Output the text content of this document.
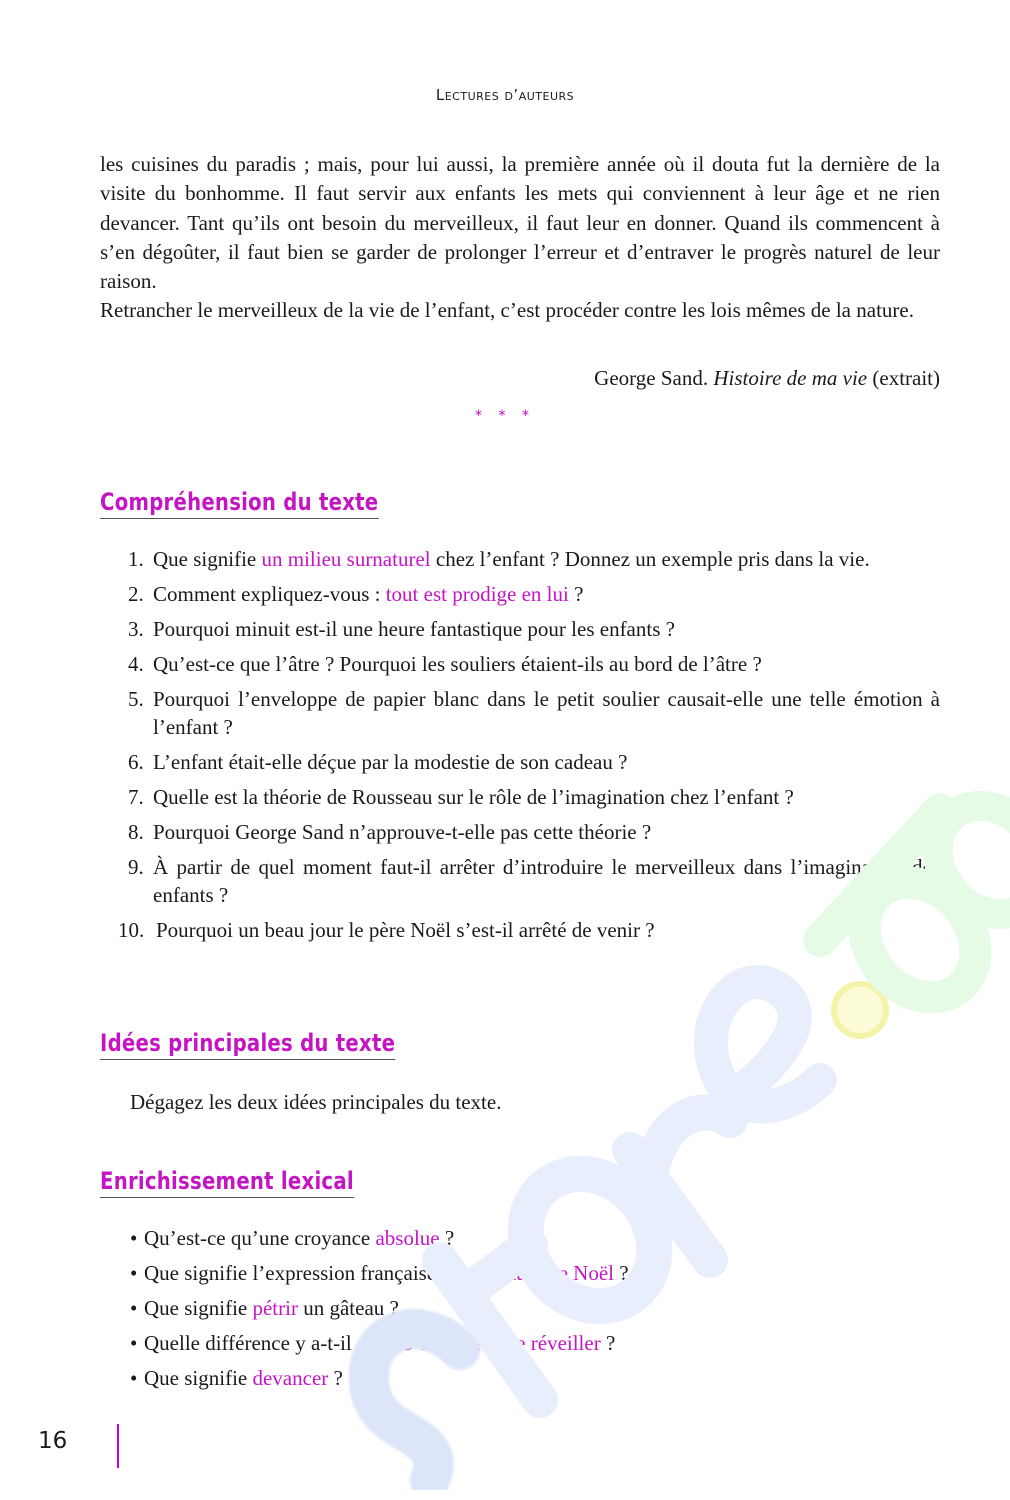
Lectures d’auteurs

les cuisines du paradis ; mais, pour lui aussi, la première année où il douta fut la dernière de la visite du bonhomme. Il faut servir aux enfants les mets qui conviennent à leur âge et ne rien devancer. Tant qu’ils ont besoin du merveilleux, il faut leur en donner. Quand ils commencent à s’en dégoûter, il faut bien se garder de prolonger l’erreur et d’entraver le progrès naturel de leur raison.

Retrancher le merveilleux de la vie de l’enfant, c’est procéder contre les lois mêmes de la nature.

George Sand. Histoire de ma vie (extrait)
* * *
Compréhension du texte
1. Que signifie un milieu surnaturel chez l’enfant ? Donnez un exemple pris dans la vie.
2. Comment expliquez-vous : tout est prodige en lui ?
3. Pourquoi minuit est-il une heure fantastique pour les enfants ?
4. Qu’est-ce que l’âtre ? Pourquoi les souliers étaient-ils au bord de l’âtre ?
5. Pourquoi l’enveloppe de papier blanc dans le petit soulier causait-elle une telle émotion à l’enfant ?
6. L’enfant était-elle déçue par la modestie de son cadeau ?
7. Quelle est la théorie de Rousseau sur le rôle de l’imagination chez l’enfant ?
8. Pourquoi George Sand n’approuve-t-elle pas cette théorie ?
9. À partir de quel moment faut-il arrêter d’introduire le merveilleux dans l’imagination des enfants ?
10. Pourquoi un beau jour le père Noël s’est-il arrêté de venir ?
Idées principales du texte
Dégagez les deux idées principales du texte.
Enrichissement lexical
• Qu’est-ce qu’une croyance absolue ?
• Que signifie l’expression française : croire au père Noël ?
• Que signifie pétrir un gâteau ?
• Quelle différence y a-t-il entre s’éveiller et se réveiller ?
• Que signifie devancer ?
16
